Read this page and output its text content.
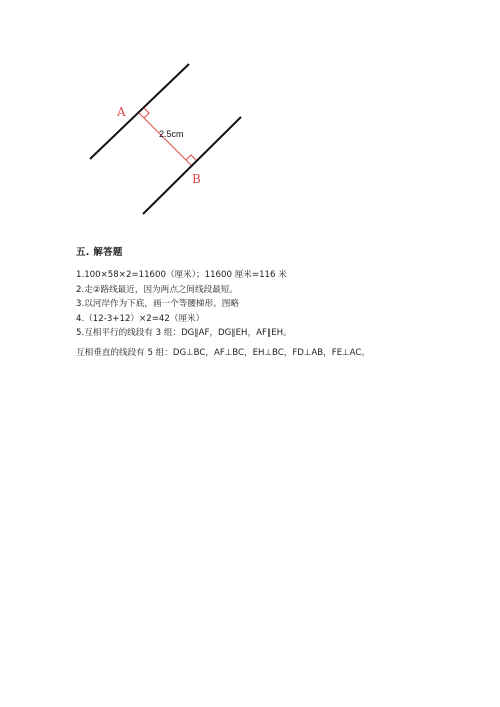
A
B
2.5cm
五. 解答题
1.100×58×2=11600（厘米）；11600 厘米=116 米
2.走②路线最近，因为两点之间线段最短。
3.以河岸作为下底，画一个等腰梯形。图略
4.（12-3+12）×2=42（厘米）
5.互相平行的线段有 3 组：DG∥AF，DG∥EH，AF∥EH。
互相垂直的线段有 5 组：DG⊥BC，AF⊥BC，EH⊥BC，FD⊥AB，FE⊥AC。
